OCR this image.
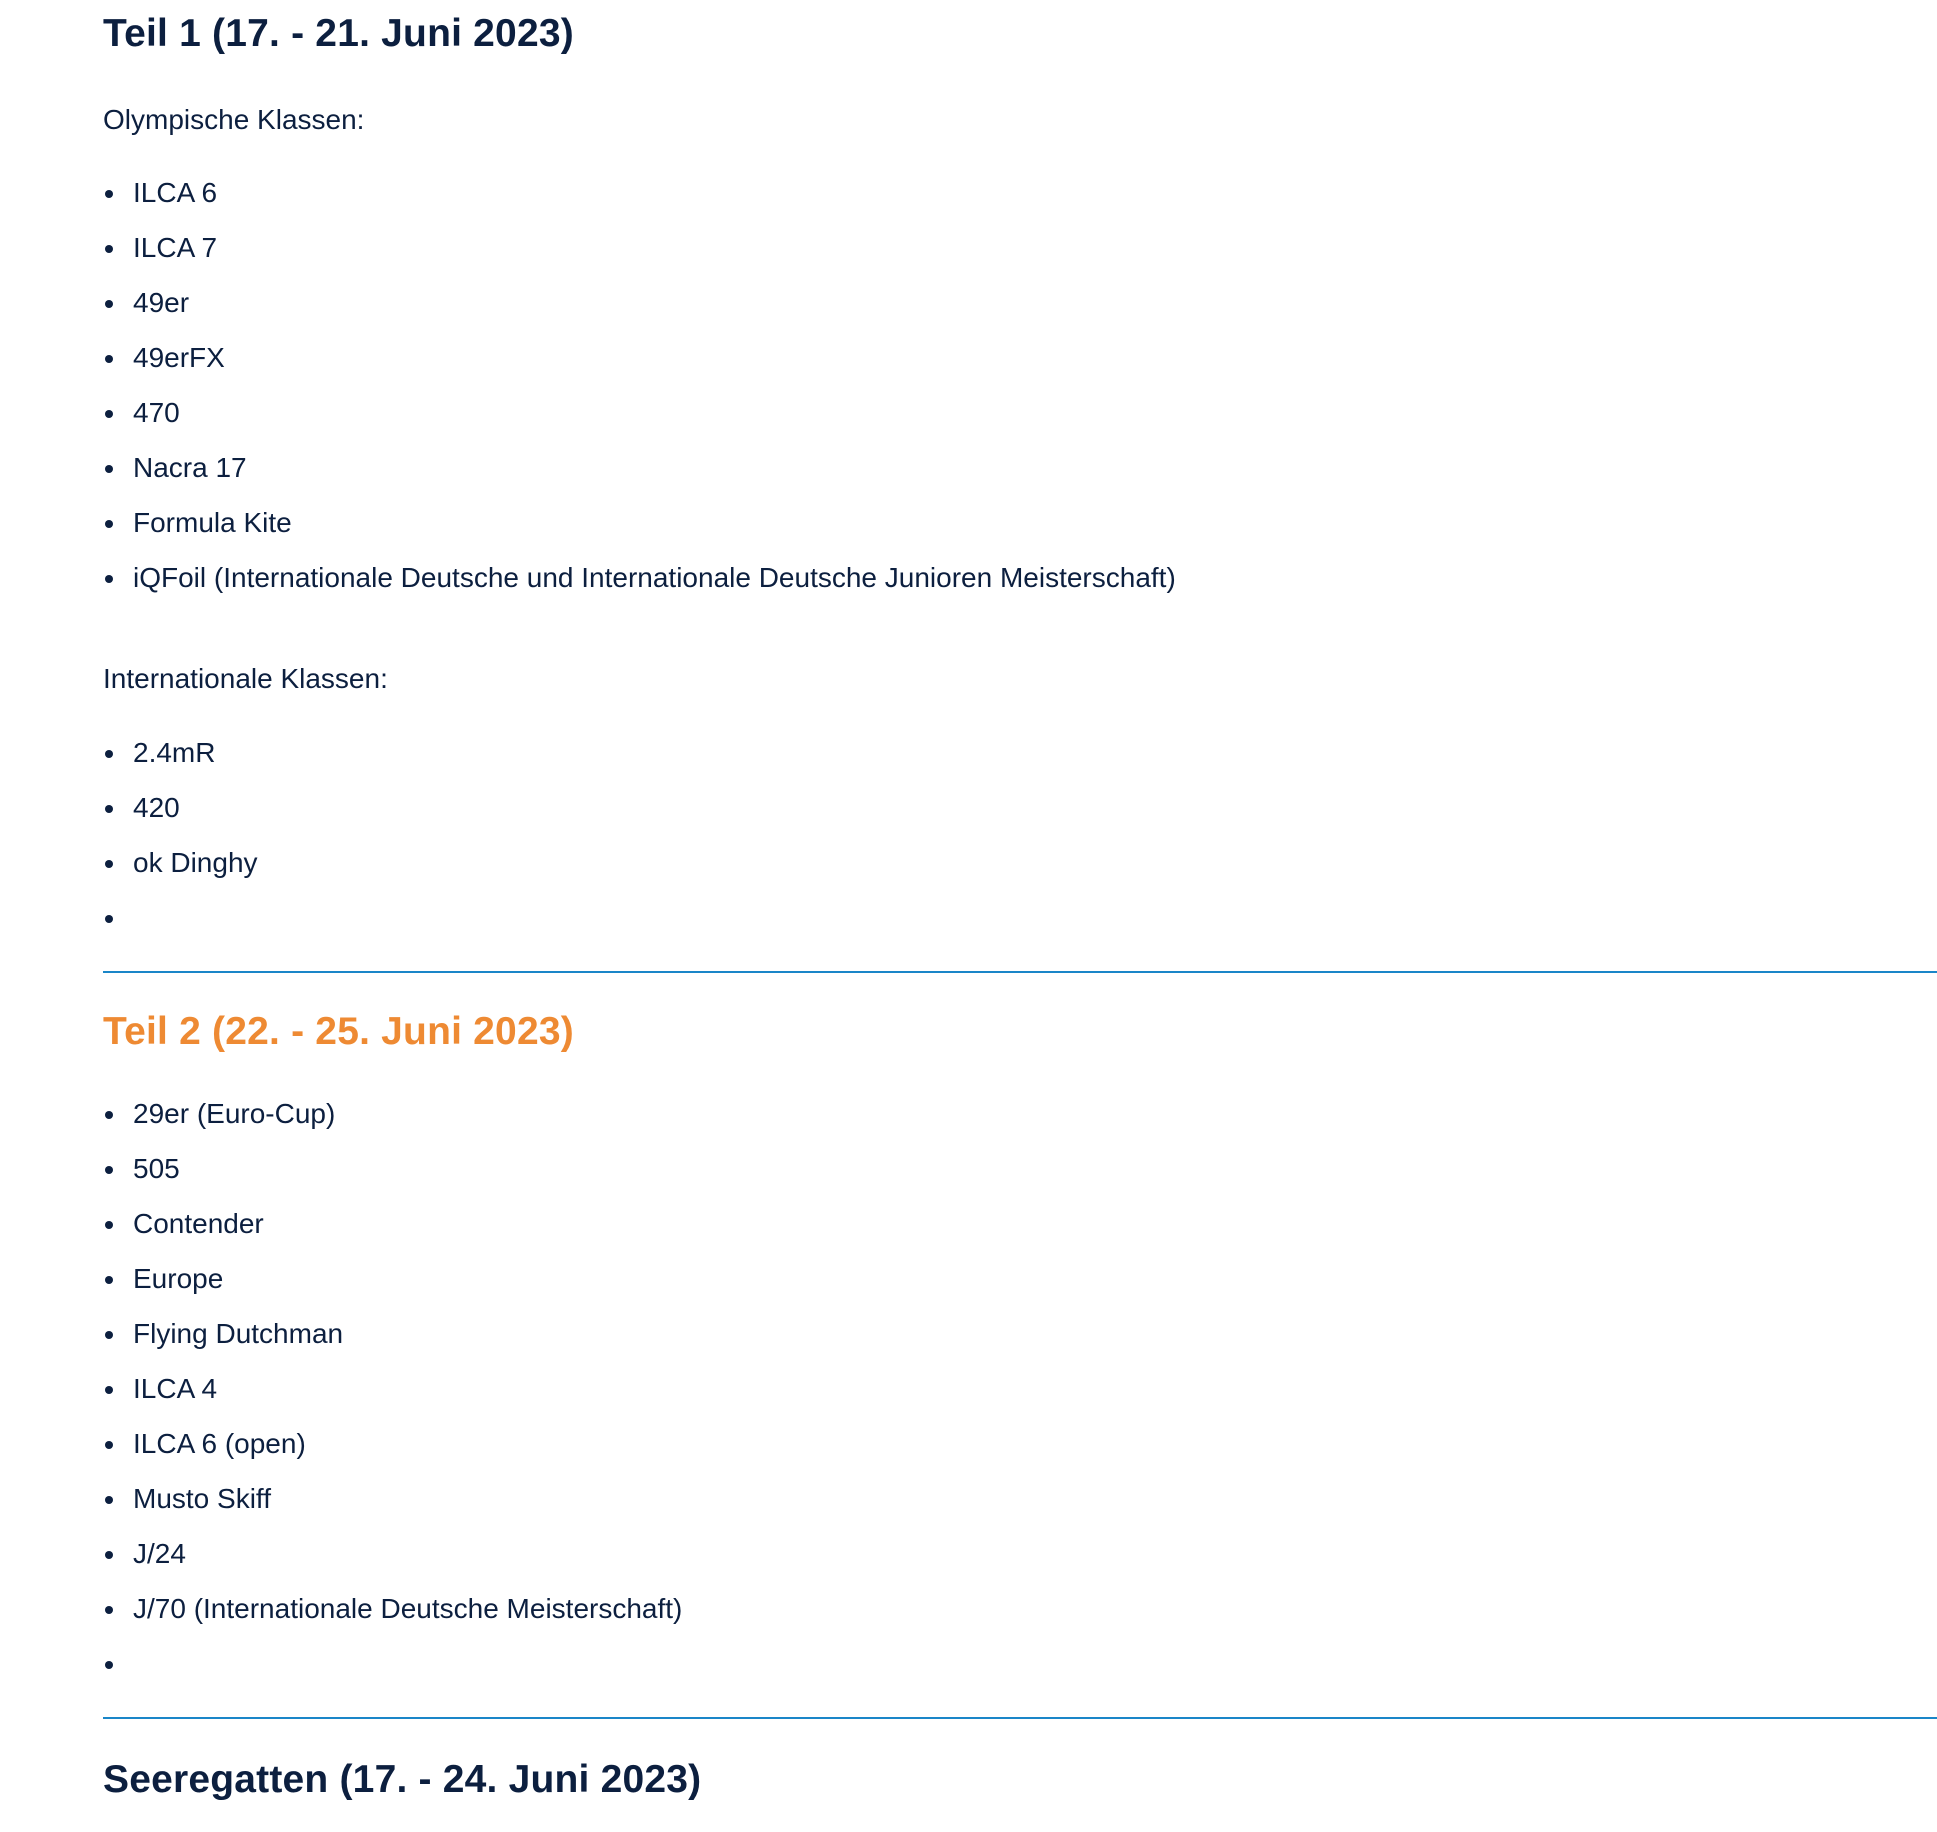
Teil 1 (17. - 21. Juni 2023)

Olympische Klassen:

ILCA 6
ILCA 7
49er
49erFX
470
Nacra 17
Formula Kite
iQFoil (Internationale Deutsche und Internationale Deutsche Junioren Meisterschaft)

Internationale Klassen:

2.4mR
420
ok Dinghy
Teil 2 (22. - 25. Juni 2023)
29er (Euro-Cup)
505
Contender
Europe
Flying Dutchman
ILCA 4
ILCA 6 (open)
Musto Skiff
J/24
J/70 (Internationale Deutsche Meisterschaft)
Seeregatten (17. - 24. Juni 2023)
